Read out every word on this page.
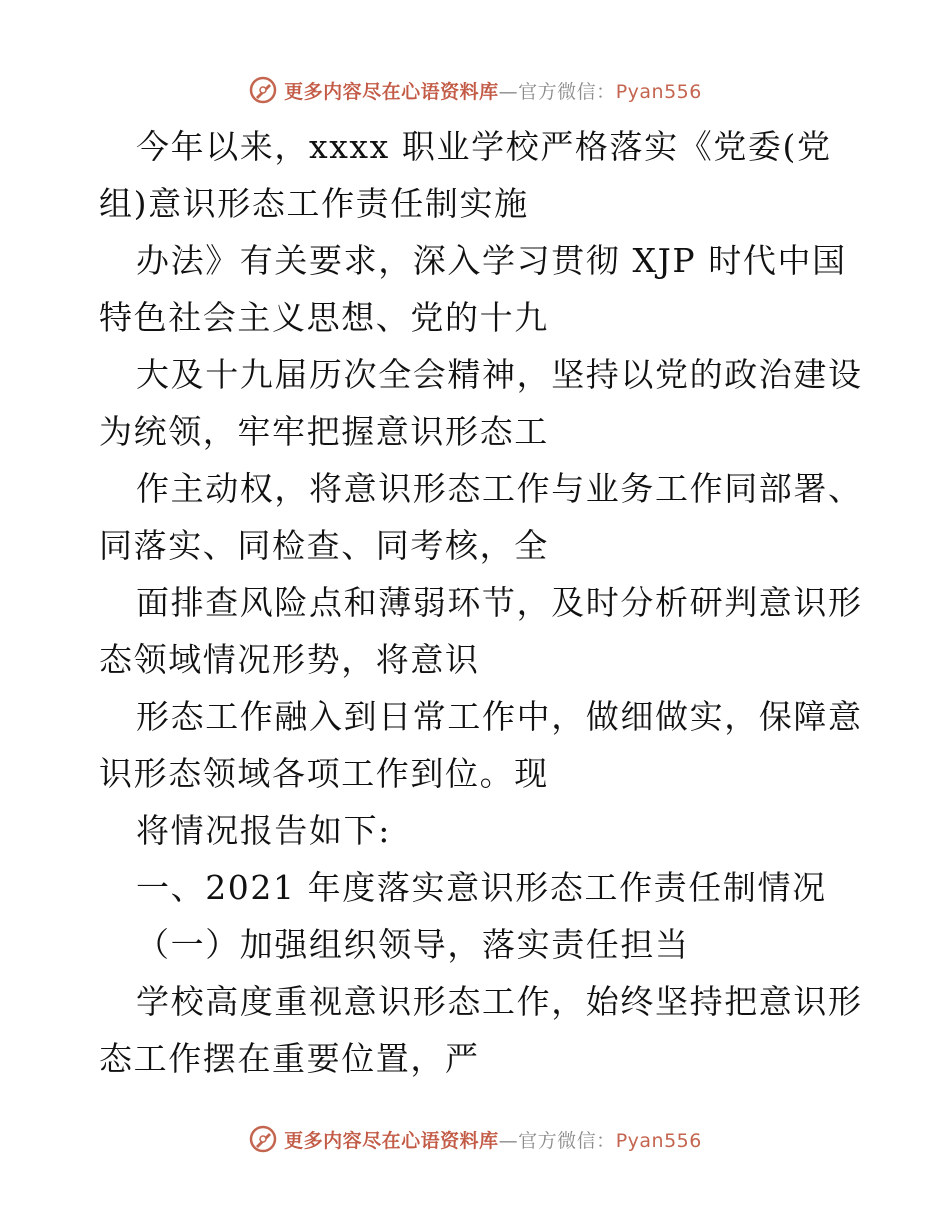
更多内容尽在心语资料库—官方微信：Pyan556
今年以来，xxxx 职业学校严格落实《党委(党
组)意识形态工作责任制实施
办法》有关要求，深入学习贯彻 XJP 时代中国
特色社会主义思想、党的十九
大及十九届历次全会精神，坚持以党的政治建设
为统领，牢牢把握意识形态工
作主动权，将意识形态工作与业务工作同部署、
同落实、同检查、同考核，全
面排查风险点和薄弱环节，及时分析研判意识形
态领域情况形势，将意识
形态工作融入到日常工作中，做细做实，保障意
识形态领域各项工作到位。现
将情况报告如下:
一、2021 年度落实意识形态工作责任制情况
（一）加强组织领导，落实责任担当
学校高度重视意识形态工作，始终坚持把意识形
态工作摆在重要位置，严
更多内容尽在心语资料库—官方微信：Pyan556
